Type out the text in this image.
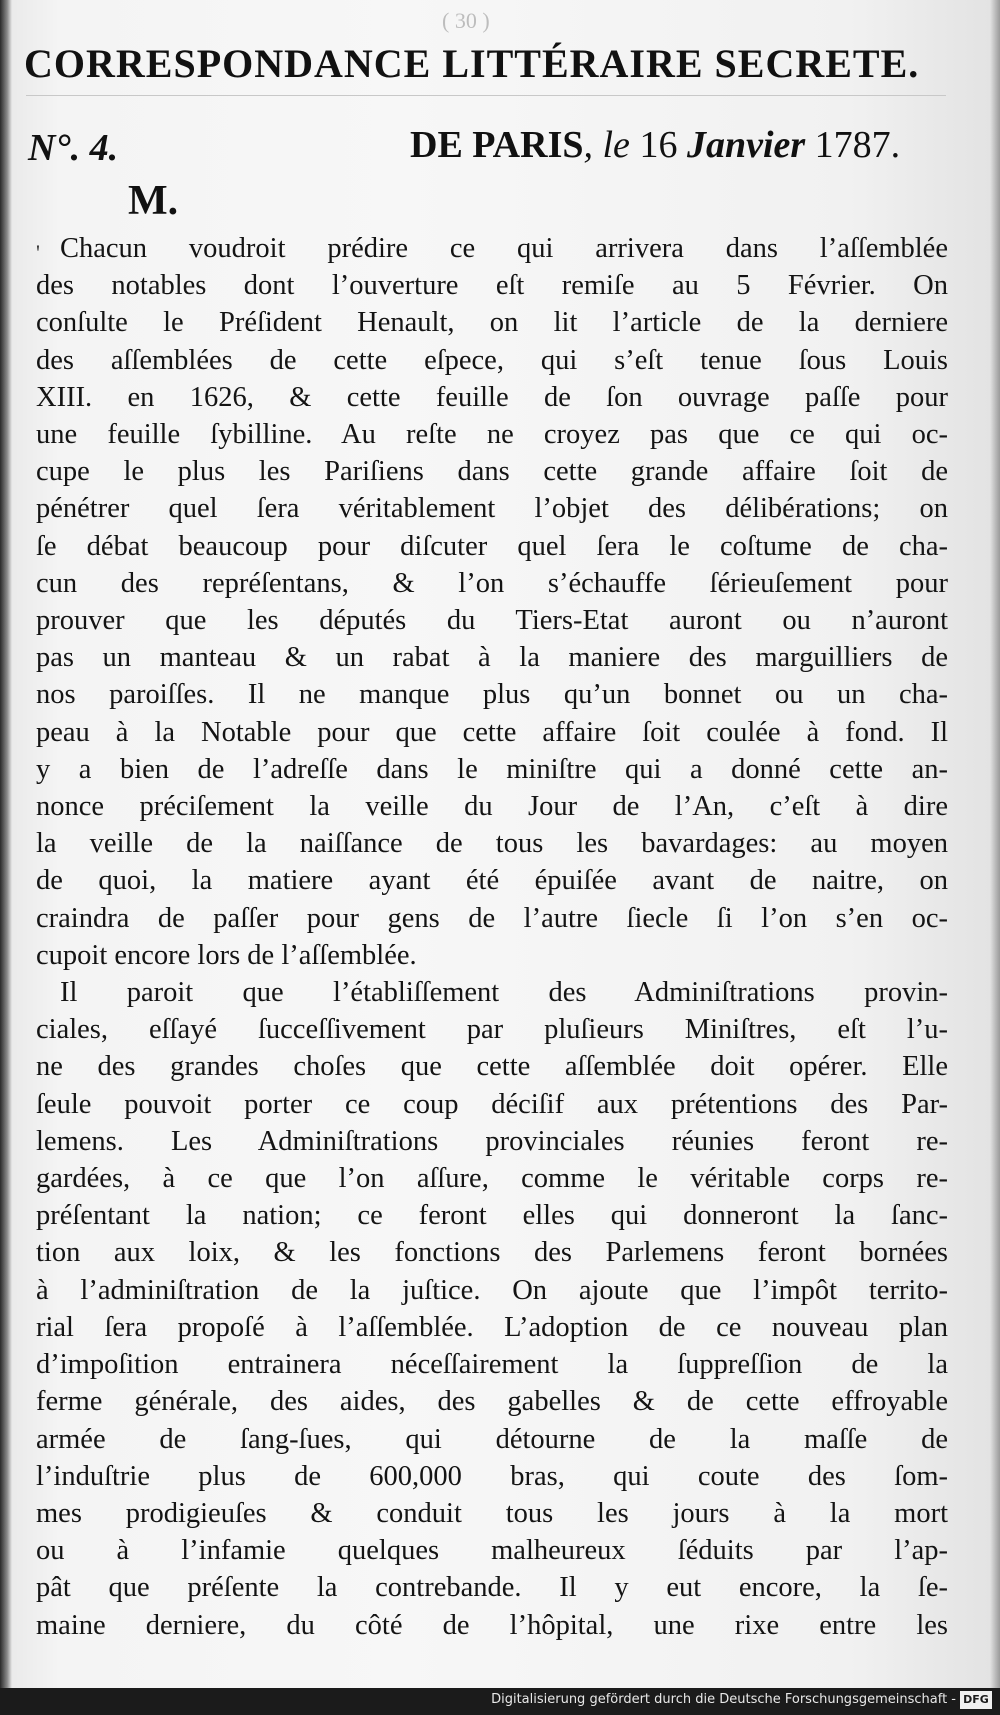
( 30 )
CORRESPONDANCE LITTÉRAIRE SECRETE.
N°. 4.	DE PARIS, le 16 Janvier 1787.
M.
' Chacun voudroit prédire ce qui arrivera dans l’aſſemblée
des notables dont l’ouverture eſt remiſe au 5 Février. On
conſulte le Préſident Henault, on lit l’article de la derniere
des aſſemblées de cette eſpece, qui s’eſt tenue ſous Louis
XIII. en 1626, & cette feuille de ſon ouvrage paſſe pour
une feuille ſybilline. Au reſte ne croyez pas que ce qui oc-
cupe le plus les Pariſiens dans cette grande affaire ſoit de
pénétrer quel ſera véritablement l’objet des délibérations; on
ſe débat beaucoup pour diſcuter quel ſera le coſtume de cha-
cun des repréſentans, & l’on s’échauffe ſérieuſement pour
prouver que les députés du Tiers-Etat auront ou n’auront
pas un manteau & un rabat à la maniere des marguilliers de
nos paroiſſes. Il ne manque plus qu’un bonnet ou un cha-
peau à la Notable pour que cette affaire ſoit coulée à fond. Il
y a bien de l’adreſſe dans le miniſtre qui a donné cette an-
nonce préciſement la veille du Jour de l’An, c’eſt à dire
la veille de la naiſſance de tous les bavardages: au moyen
de quoi, la matiere ayant été épuiſée avant de naitre, on
craindra de paſſer pour gens de l’autre ſiecle ſi l’on s’en oc-
cupoit encore lors de l’aſſemblée.
Il paroit que l’établiſſement des Adminiſtrations provin-
ciales, eſſayé ſucceſſivement par pluſieurs Miniſtres, eſt l’u-
ne des grandes choſes que cette aſſemblée doit opérer. Elle
ſeule pouvoit porter ce coup déciſif aux prétentions des Par-
lemens. Les Adminiſtrations provinciales réunies feront re-
gardées, à ce que l’on aſſure, comme le véritable corps re-
préſentant la nation; ce feront elles qui donneront la ſanc-
tion aux loix, & les fonctions des Parlemens feront bornées
à l’adminiſtration de la juſtice. On ajoute que l’impôt territo-
rial ſera propoſé à l’aſſemblée. L’adoption de ce nouveau plan
d’impoſition entrainera néceſſairement la ſuppreſſion de la
ferme générale, des aides, des gabelles & de cette effroyable
armée de ſang-ſues, qui détourne de la maſſe de
l’induſtrie plus de 600,000 bras, qui coute des ſom-
mes prodigieuſes & conduit tous les jours à la mort
ou à l’infamie quelques malheureux ſéduits par l’ap-
pât que préſente la contrebande. Il y eut encore, la ſe-
maine derniere, du côté de l’hôpital, une rixe entre les
Digitalisierung gefördert durch die Deutsche Forschungsgemeinschaft - DFG
